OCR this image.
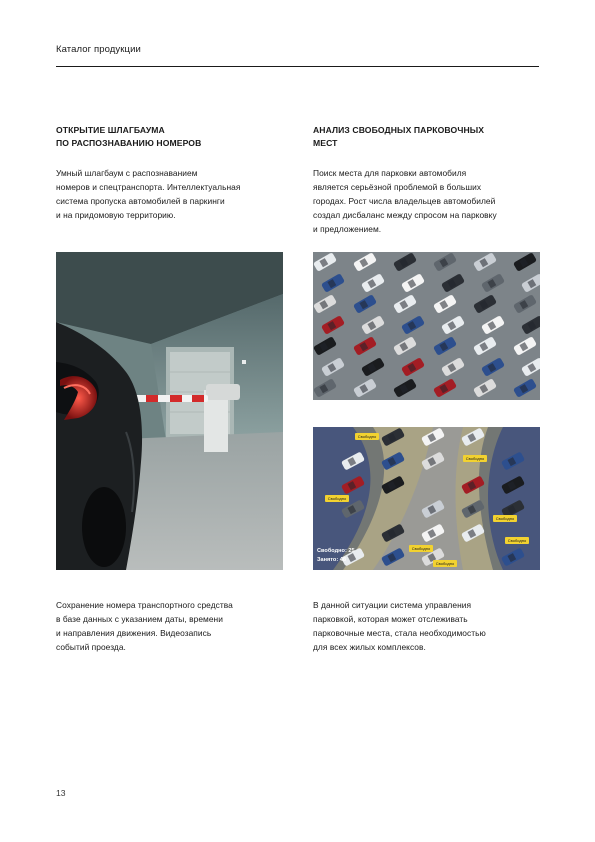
Каталог продукции
ОТКРЫТИЕ ШЛАГБАУМА
ПО РАСПОЗНАВАНИЮ НОМЕРОВ
Умный шлагбаум с распознаванием
номеров и спецтранспорта. Интеллектуальная
система пропуска автомобилей в паркинги
и на придомовую территорию.
Сохранение номера транспортного средства
в базе данных с указанием даты, времени
и направления движения. Видеозапись
событий проезда.
АНАЛИЗ СВОБОДНЫХ ПАРКОВОЧНЫХ
МЕСТ
Поиск места для парковки автомобиля
является серьёзной проблемой в больших
городах. Рост числа владельцев автомобилей
создал дисбаланс между спросом на парковку
и предложением.
Свободно
Свободно
Свободно
Свободно
Свободно
Свободно
Свободно
Свободно: 25
Занято: 48
В данной ситуации система управления
парковкой, которая может отслеживать
парковочные места, стала необходимостью
для всех жилых комплексов.
13
